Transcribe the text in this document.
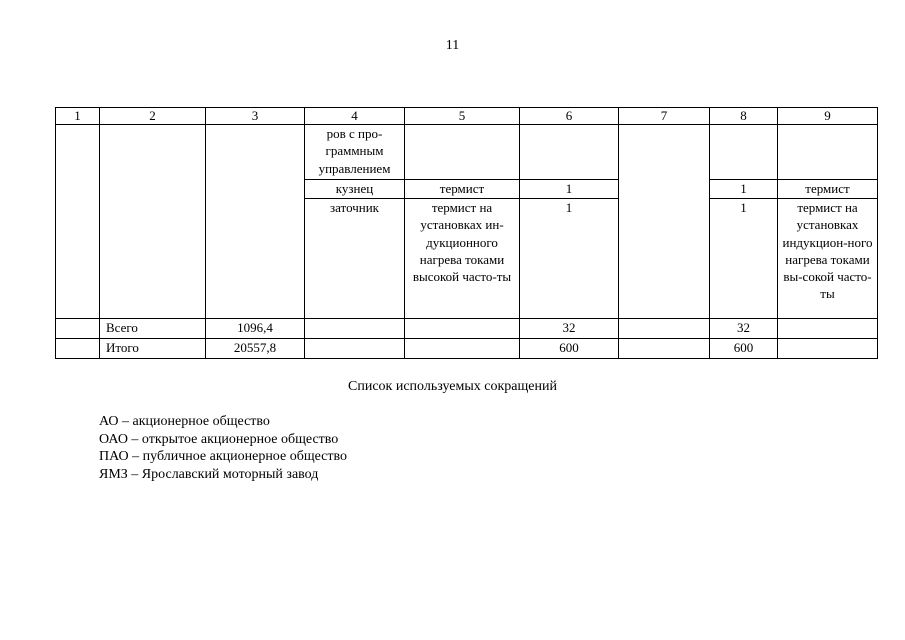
11
1	2	3	4	5	6	7	8	9
			ров с про-граммным управлением					
			кузнец	термист	1		1	термист
			заточник	термист на установках ин-дукционного нагрева токами высокой часто-ты	1		1	термист на установках индукцион-ного нагрева токами вы-сокой часто-ты
	Всего	1096,4			32		32	
	Итого	20557,8			600		600	
Список используемых сокращений
АО – акционерное общество
ОАО – открытое акционерное общество
ПАО – публичное акционерное общество
ЯМЗ – Ярославский моторный завод
